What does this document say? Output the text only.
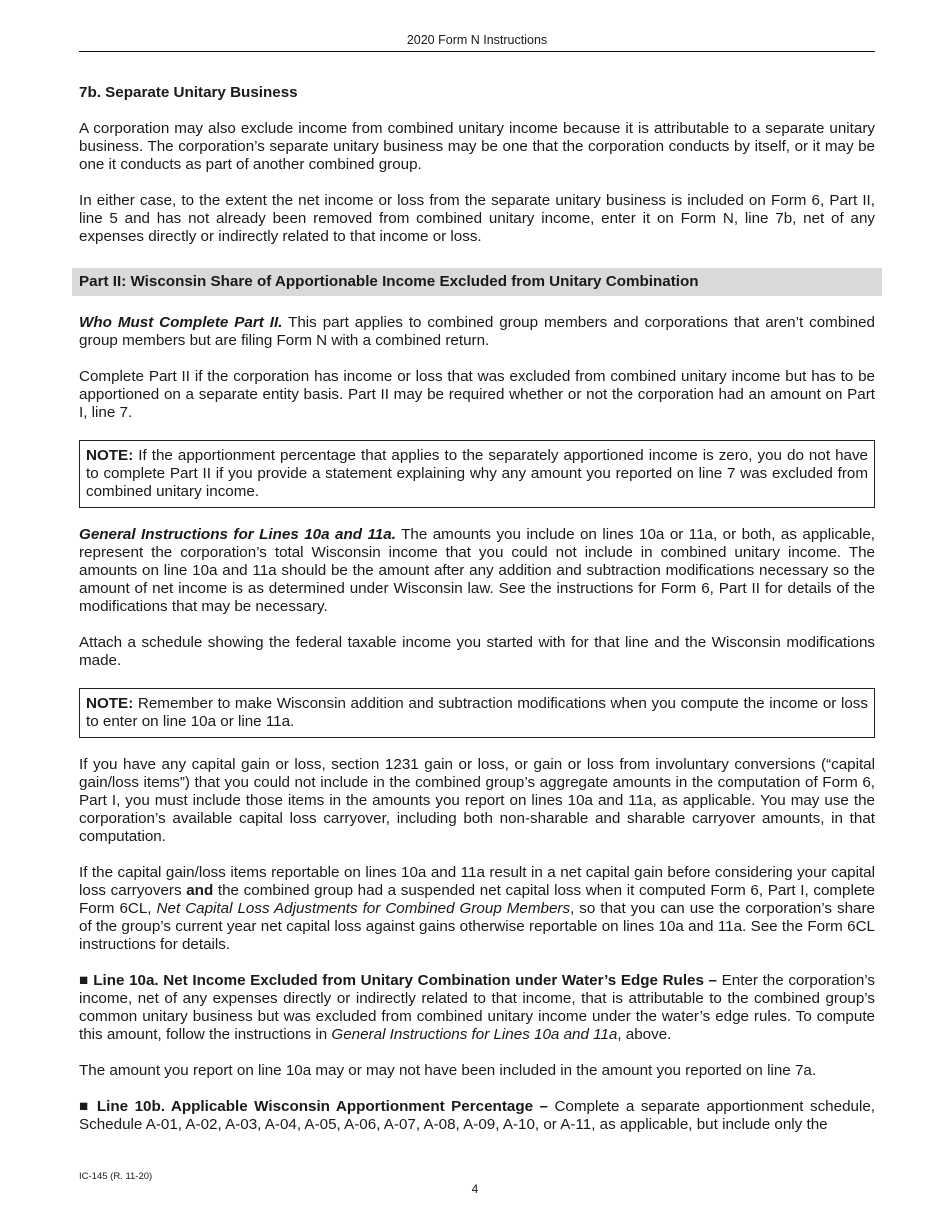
2020 Form N Instructions

7b. Separate Unitary Business

A corporation may also exclude income from combined unitary income because it is attributable to a separate unitary business. The corporation’s separate unitary business may be one that the corporation conducts by itself, or it may be one it conducts as part of another combined group.

In either case, to the extent the net income or loss from the separate unitary business is included on Form 6, Part II, line 5 and has not already been removed from combined unitary income, enter it on Form N, line 7b, net of any expenses directly or indirectly related to that income or loss.

Part II: Wisconsin Share of Apportionable Income Excluded from Unitary Combination

Who Must Complete Part II. This part applies to combined group members and corporations that aren’t combined group members but are filing Form N with a combined return.

Complete Part II if the corporation has income or loss that was excluded from combined unitary income but has to be apportioned on a separate entity basis. Part II may be required whether or not the corporation had an amount on Part I, line 7.

NOTE: If the apportionment percentage that applies to the separately apportioned income is zero, you do not have to complete Part II if you provide a statement explaining why any amount you reported on line 7 was excluded from combined unitary income.

General Instructions for Lines 10a and 11a. The amounts you include on lines 10a or 11a, or both, as applicable, represent the corporation’s total Wisconsin income that you could not include in combined unitary income. The amounts on line 10a and 11a should be the amount after any addition and subtraction modifications necessary so the amount of net income is as determined under Wisconsin law. See the instructions for Form 6, Part II for details of the modifications that may be necessary.

Attach a schedule showing the federal taxable income you started with for that line and the Wisconsin modifications made.

NOTE: Remember to make Wisconsin addition and subtraction modifications when you compute the income or loss to enter on line 10a or line 11a.

If you have any capital gain or loss, section 1231 gain or loss, or gain or loss from involuntary conversions (“capital gain/loss items”) that you could not include in the combined group’s aggregate amounts in the computation of Form 6, Part I, you must include those items in the amounts you report on lines 10a and 11a, as applicable. You may use the corporation’s available capital loss carryover, including both non-sharable and sharable carryover amounts, in that computation.

If the capital gain/loss items reportable on lines 10a and 11a result in a net capital gain before considering your capital loss carryovers and the combined group had a suspended net capital loss when it computed Form 6, Part I, complete Form 6CL, Net Capital Loss Adjustments for Combined Group Members, so that you can use the corporation’s share of the group’s current year net capital loss against gains otherwise reportable on lines 10a and 11a. See the Form 6CL instructions for details.

■ Line 10a. Net Income Excluded from Unitary Combination under Water’s Edge Rules – Enter the corporation’s income, net of any expenses directly or indirectly related to that income, that is attributable to the combined group’s common unitary business but was excluded from combined unitary income under the water’s edge rules. To compute this amount, follow the instructions in General Instructions for Lines 10a and 11a, above.

The amount you report on line 10a may or may not have been included in the amount you reported on line 7a.

■ Line 10b. Applicable Wisconsin Apportionment Percentage – Complete a separate apportionment schedule, Schedule A-01, A-02, A-03, A-04, A-05, A-06, A-07, A-08, A-09, A-10, or A-11, as applicable, but include only the

IC-145 (R. 11-20)
4
